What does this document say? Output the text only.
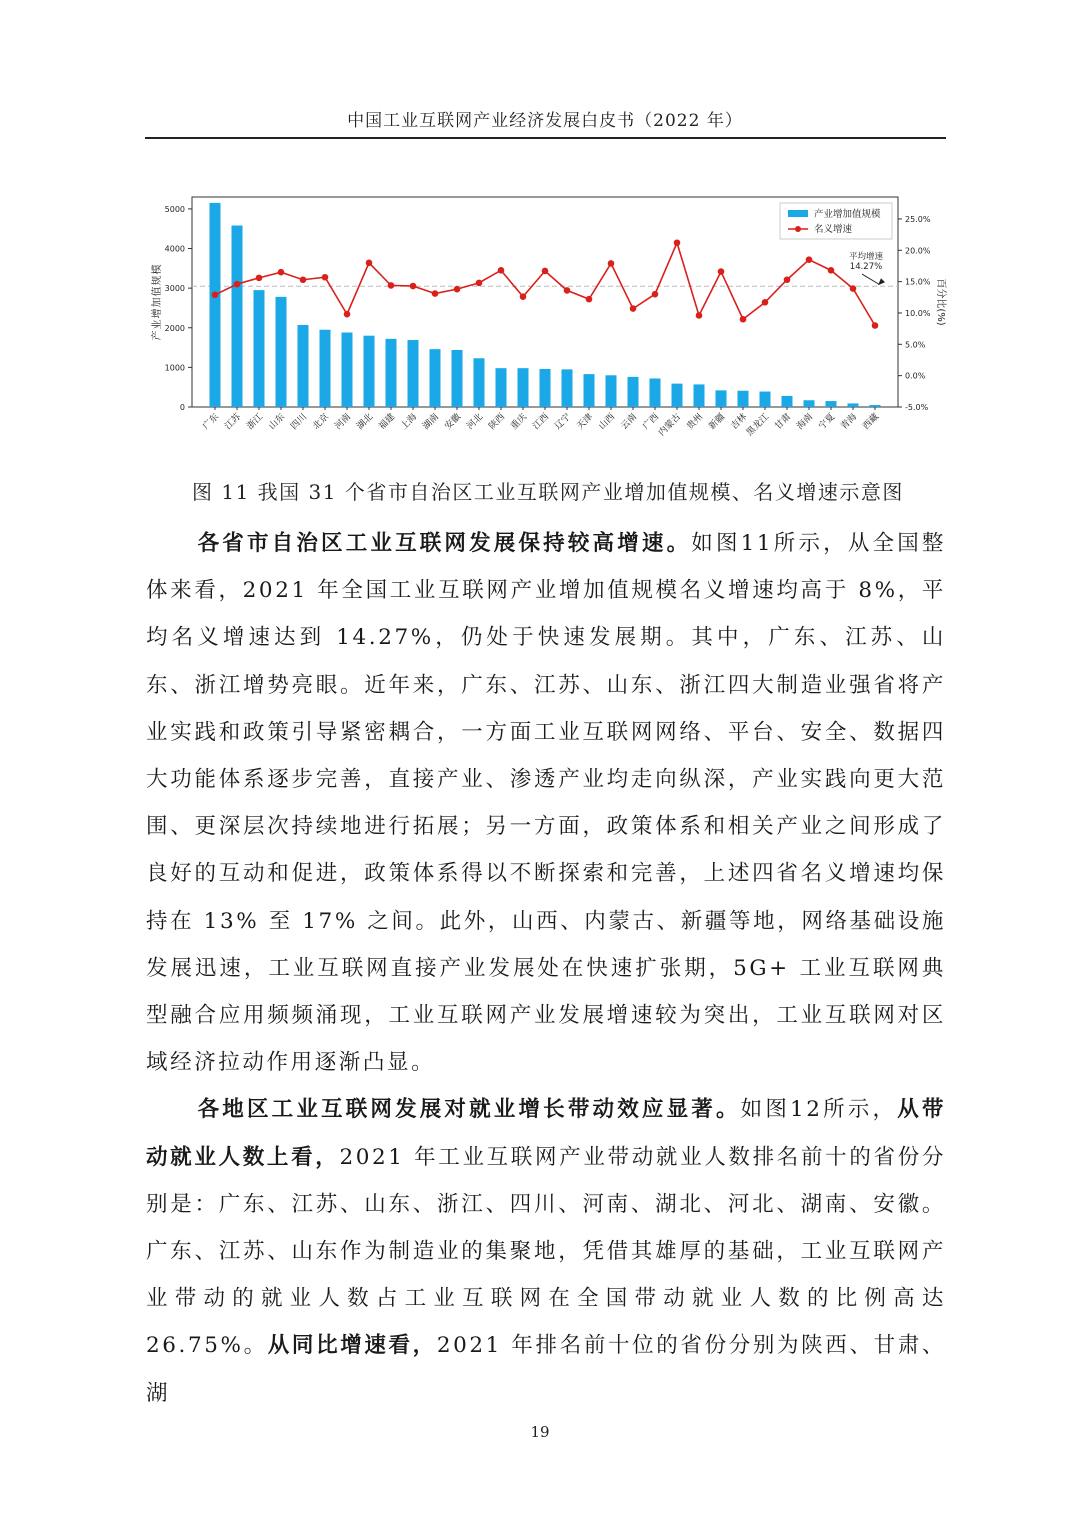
中国工业互联网产业经济发展白皮书（2022 年）
0
1000
2000
3000
4000
5000
-5.0%
0.0%
5.0%
10.0%
15.0%
20.0%
25.0%
产业增加值规模	百分比(%)
广东 江苏 浙江 山东 四川 北京 河南 湖北 福建 上海 湖南 安徽 河北 陕西 重庆 江西 辽宁 天津 山西 云南 广西
内蒙古 贵州 新疆 吉林
黑龙江 甘肃 海南 宁夏 青海 西藏
产业增加值规模
名义增速
平均增速
14.27%
图 11 我国 31 个省市自治区工业互联网产业增加值规模、名义增速示意图

各省市自治区工业互联网发展保持较高增速。如图11所示，从全国整体来看，2021 年全国工业互联网产业增加值规模名义增速均高于 8%，平均名义增速达到 14.27%，仍处于快速发展期。其中，广东、江苏、山东、浙江增势亮眼。近年来，广东、江苏、山东、浙江四大制造业强省将产业实践和政策引导紧密耦合，一方面工业互联网网络、平台、安全、数据四大功能体系逐步完善，直接产业、渗透产业均走向纵深，产业实践向更大范围、更深层次持续地进行拓展；另一方面，政策体系和相关产业之间形成了良好的互动和促进，政策体系得以不断探索和完善，上述四省名义增速均保持在 13% 至 17% 之间。此外，山西、内蒙古、新疆等地，网络基础设施发展迅速，工业互联网直接产业发展处在快速扩张期，5G+ 工业互联网典型融合应用频频涌现，工业互联网产业发展增速较为突出，工业互联网对区域经济拉动作用逐渐凸显。

各地区工业互联网发展对就业增长带动效应显著。如图12所示，从带动就业人数上看，2021 年工业互联网产业带动就业人数排名前十的省份分别是：广东、江苏、山东、浙江、四川、河南、湖北、河北、湖南、安徽。广东、江苏、山东作为制造业的集聚地，凭借其雄厚的基础，工业互联网产业带动的就业人数占工业互联网在全国带动就业人数的比例高达 26.75%。从同比增速看，2021 年排名前十位的省份分别为陕西、甘肃、湖

19
